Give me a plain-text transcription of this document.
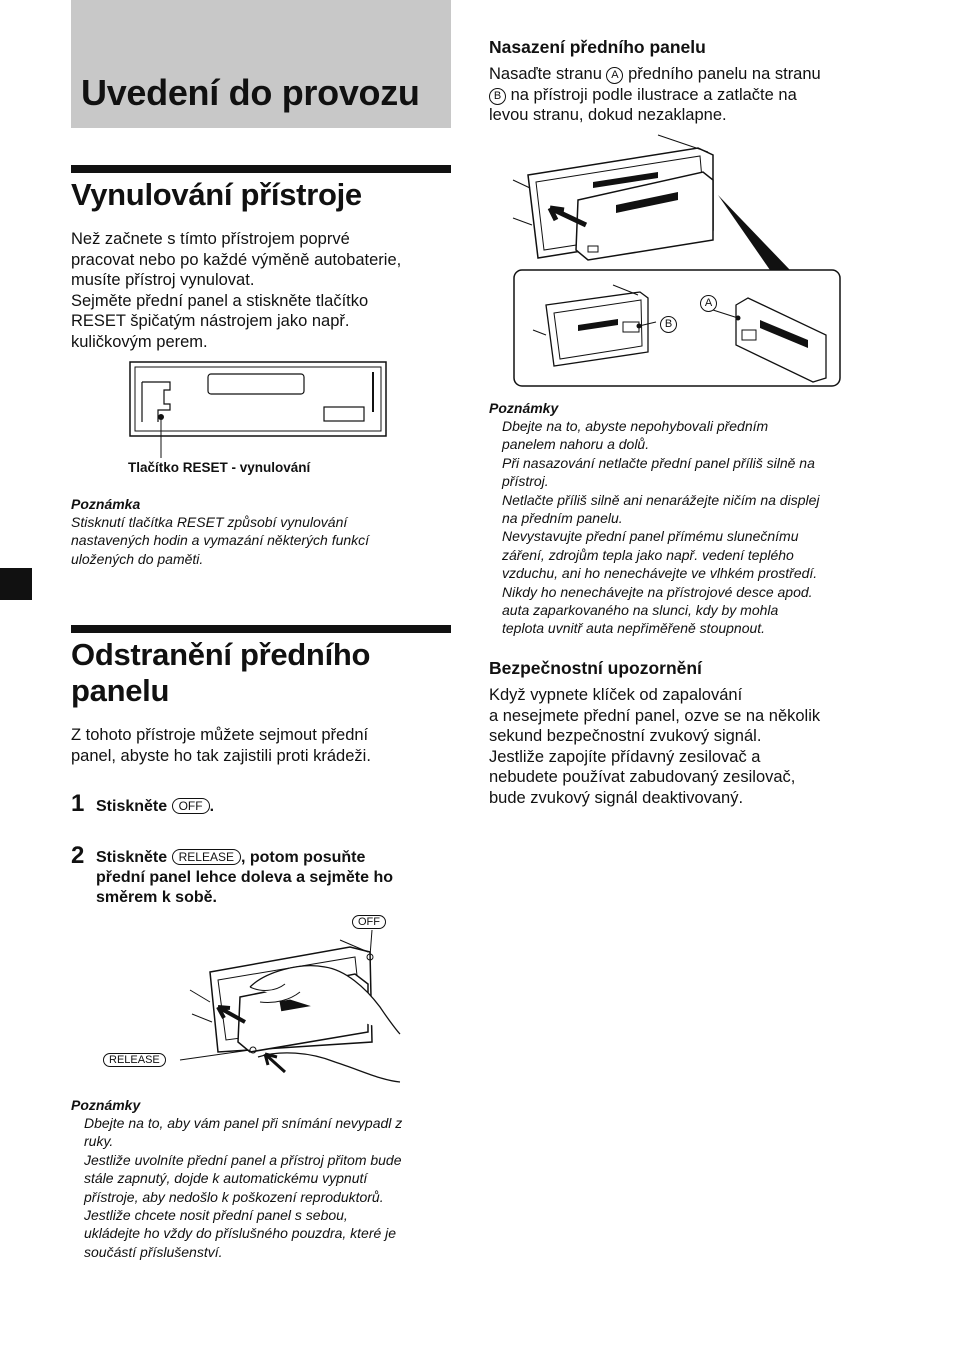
Uvedení do provozu
Vynulování přístroje
Než začnete s tímto přístrojem poprvé
pracovat nebo po každé výměně autobaterie,
musíte přístroj vynulovat.
Sejměte přední panel a stiskněte tlačítko
RESET špičatým nástrojem jako např.
kuličkovým perem.
Tlačítko RESET - vynulování
Poznámka
Stisknutí tlačítka RESET způsobí vynulování
nastavených hodin a vymazání některých funkcí
uložených do paměti.
Odstranění předního
panelu
Z tohoto přístroje můžete sejmout přední
panel, abyste ho tak zajistili proti krádeži.
1 Stiskněte OFF .
2 Stiskněte RELEASE , potom posuňte
přední panel lehce doleva a sejměte ho
směrem k sobě.
OFF
RELEASE
Poznámky
Dbejte na to, aby vám panel při snímání nevypadl z
ruky.
Jestliže uvolníte přední panel a přístroj přitom bude
stále zapnutý, dojde k automatickému vypnutí
přístroje, aby nedošlo k poškození reproduktorů.
Jestliže chcete nosit přední panel s sebou,
ukládejte ho vždy do příslušného pouzdra, které je
součástí příslušenství.
Nasazení předního panelu
Nasaďte stranu A předního panelu na stranu
B na přístroji podle ilustrace a zatlačte na
levou stranu, dokud nezaklapne.
A
B
Poznámky
Dbejte na to, abyste nepohybovali předním
panelem nahoru a dolů.
Při nasazování netlačte přední panel příliš silně na
přístroj.
Netlačte příliš silně ani nenarážejte ničím na displej
na předním panelu.
Nevystavujte přední panel přímému slunečnímu
záření, zdrojům tepla jako např. vedení teplého
vzduchu, ani ho nenechávejte ve vlhkém prostředí.
Nikdy ho nenechávejte na přístrojové desce apod.
auta zaparkovaného na slunci, kdy by mohla
teplota uvnitř auta nepřiměřeně stoupnout.
Bezpečnostní upozornění
Když vypnete klíček od zapalování
a nesejmete přední panel, ozve se na několik
sekund bezpečnostní zvukový signál.
Jestliže zapojíte přídavný zesilovač a
nebudete používat zabudovaný zesilovač,
bude zvukový signál deaktivovaný.
